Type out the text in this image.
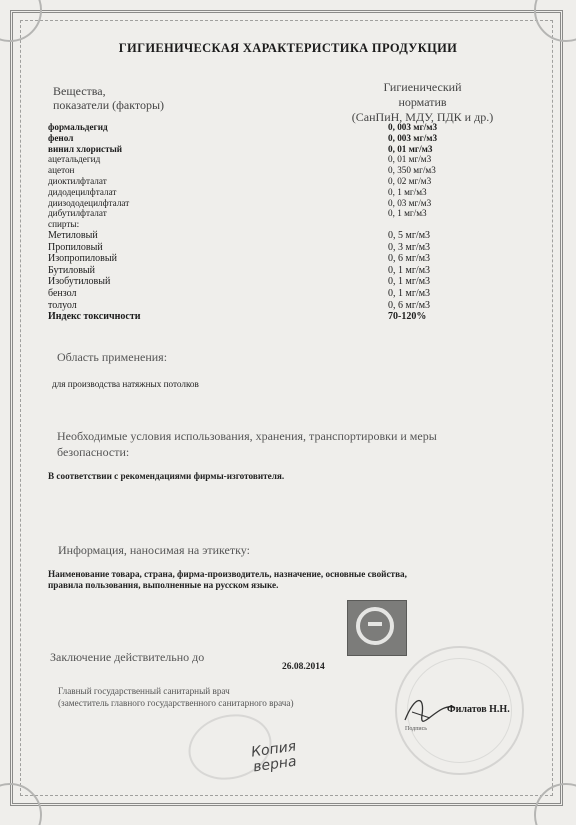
ГИГИЕНИЧЕСКАЯ ХАРАКТЕРИСТИКА ПРОДУКЦИИ
Вещества,
показатели (факторы)
Гигиенический
норматив
(СанПиН, МДУ, ПДК и др.)
формальдегид	0, 003 мг/м3
фенол	0, 003 мг/м3
винил хлористый	0, 01 мг/м3
ацетальдегид	0, 01 мг/м3
ацетон	0, 350 мг/м3
диоктилфталат	0, 02 мг/м3
дидодецилфталат	0, 1 мг/м3
диизододецилфталат	0, 03 мг/м3
дибутилфталат	0, 1 мг/м3
спирты:
Метиловый	0, 5 мг/м3
Пропиловый	0, 3 мг/м3
Изопропиловый	0, 6 мг/м3
Бутиловый	0, 1 мг/м3
Изобутиловый	0, 1 мг/м3
бензол	0, 1 мг/м3
толуол	0, 6 мг/м3
Индекс токсичности	70-120%
Область применения:
для производства натяжных потолков
Необходимые условия использования, хранения, транспортировки и меры
безопасности:
В соответствии с рекомендациями фирмы-изготовителя.
Информация, наносимая на этикетку:
Наименование товара, страна, фирма-производитель, назначение, основные свойства,
правила пользования, выполненные на русском языке.
Заключение действительно до
26.08.2014
Главный государственный санитарный врач
(заместитель главного государственного санитарного врача)
Подпись
Филатов Н.Н.
Копия верна
